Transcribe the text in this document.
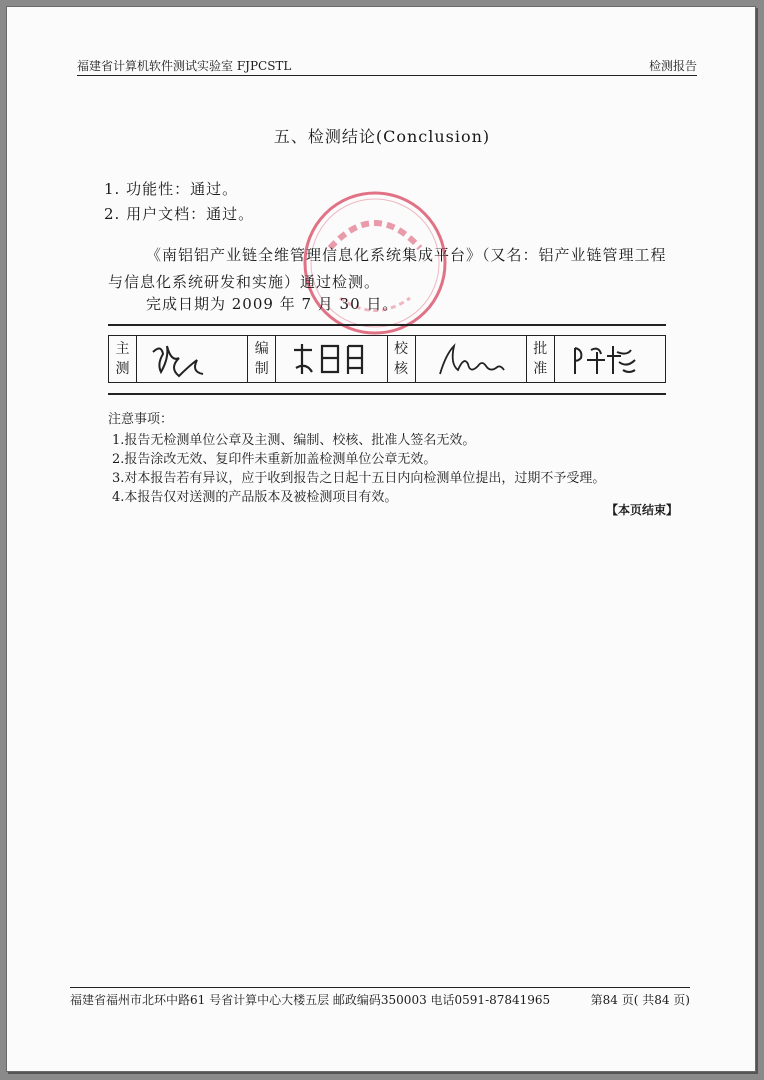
福建省计算机软件测试实验室 FJPCSTL	检测报告
五、检测结论(Conclusion)
1. 功能性：通过。
2. 用户文档：通过。

《南铝铝产业链全维管理信息化系统集成平台》（又名：铝产业链管理工程与信息化系统研发和实施）通过检测。

完成日期为 2009 年 7 月 30 日。
主
测
编
制
校
核
批
准
注意事项：
1.报告无检测单位公章及主测、编制、校核、批准人签名无效。
2.报告涂改无效、复印件未重新加盖检测单位公章无效。
3.对本报告若有异议，应于收到报告之日起十五日内向检测单位提出，过期不予受理。
4.本报告仅对送测的产品版本及被检测项目有效。
【本页结束】
福建省福州市北环中路61 号省计算中心大楼五层 邮政编码350003 电话0591-87841965	第84 页( 共84 页)
